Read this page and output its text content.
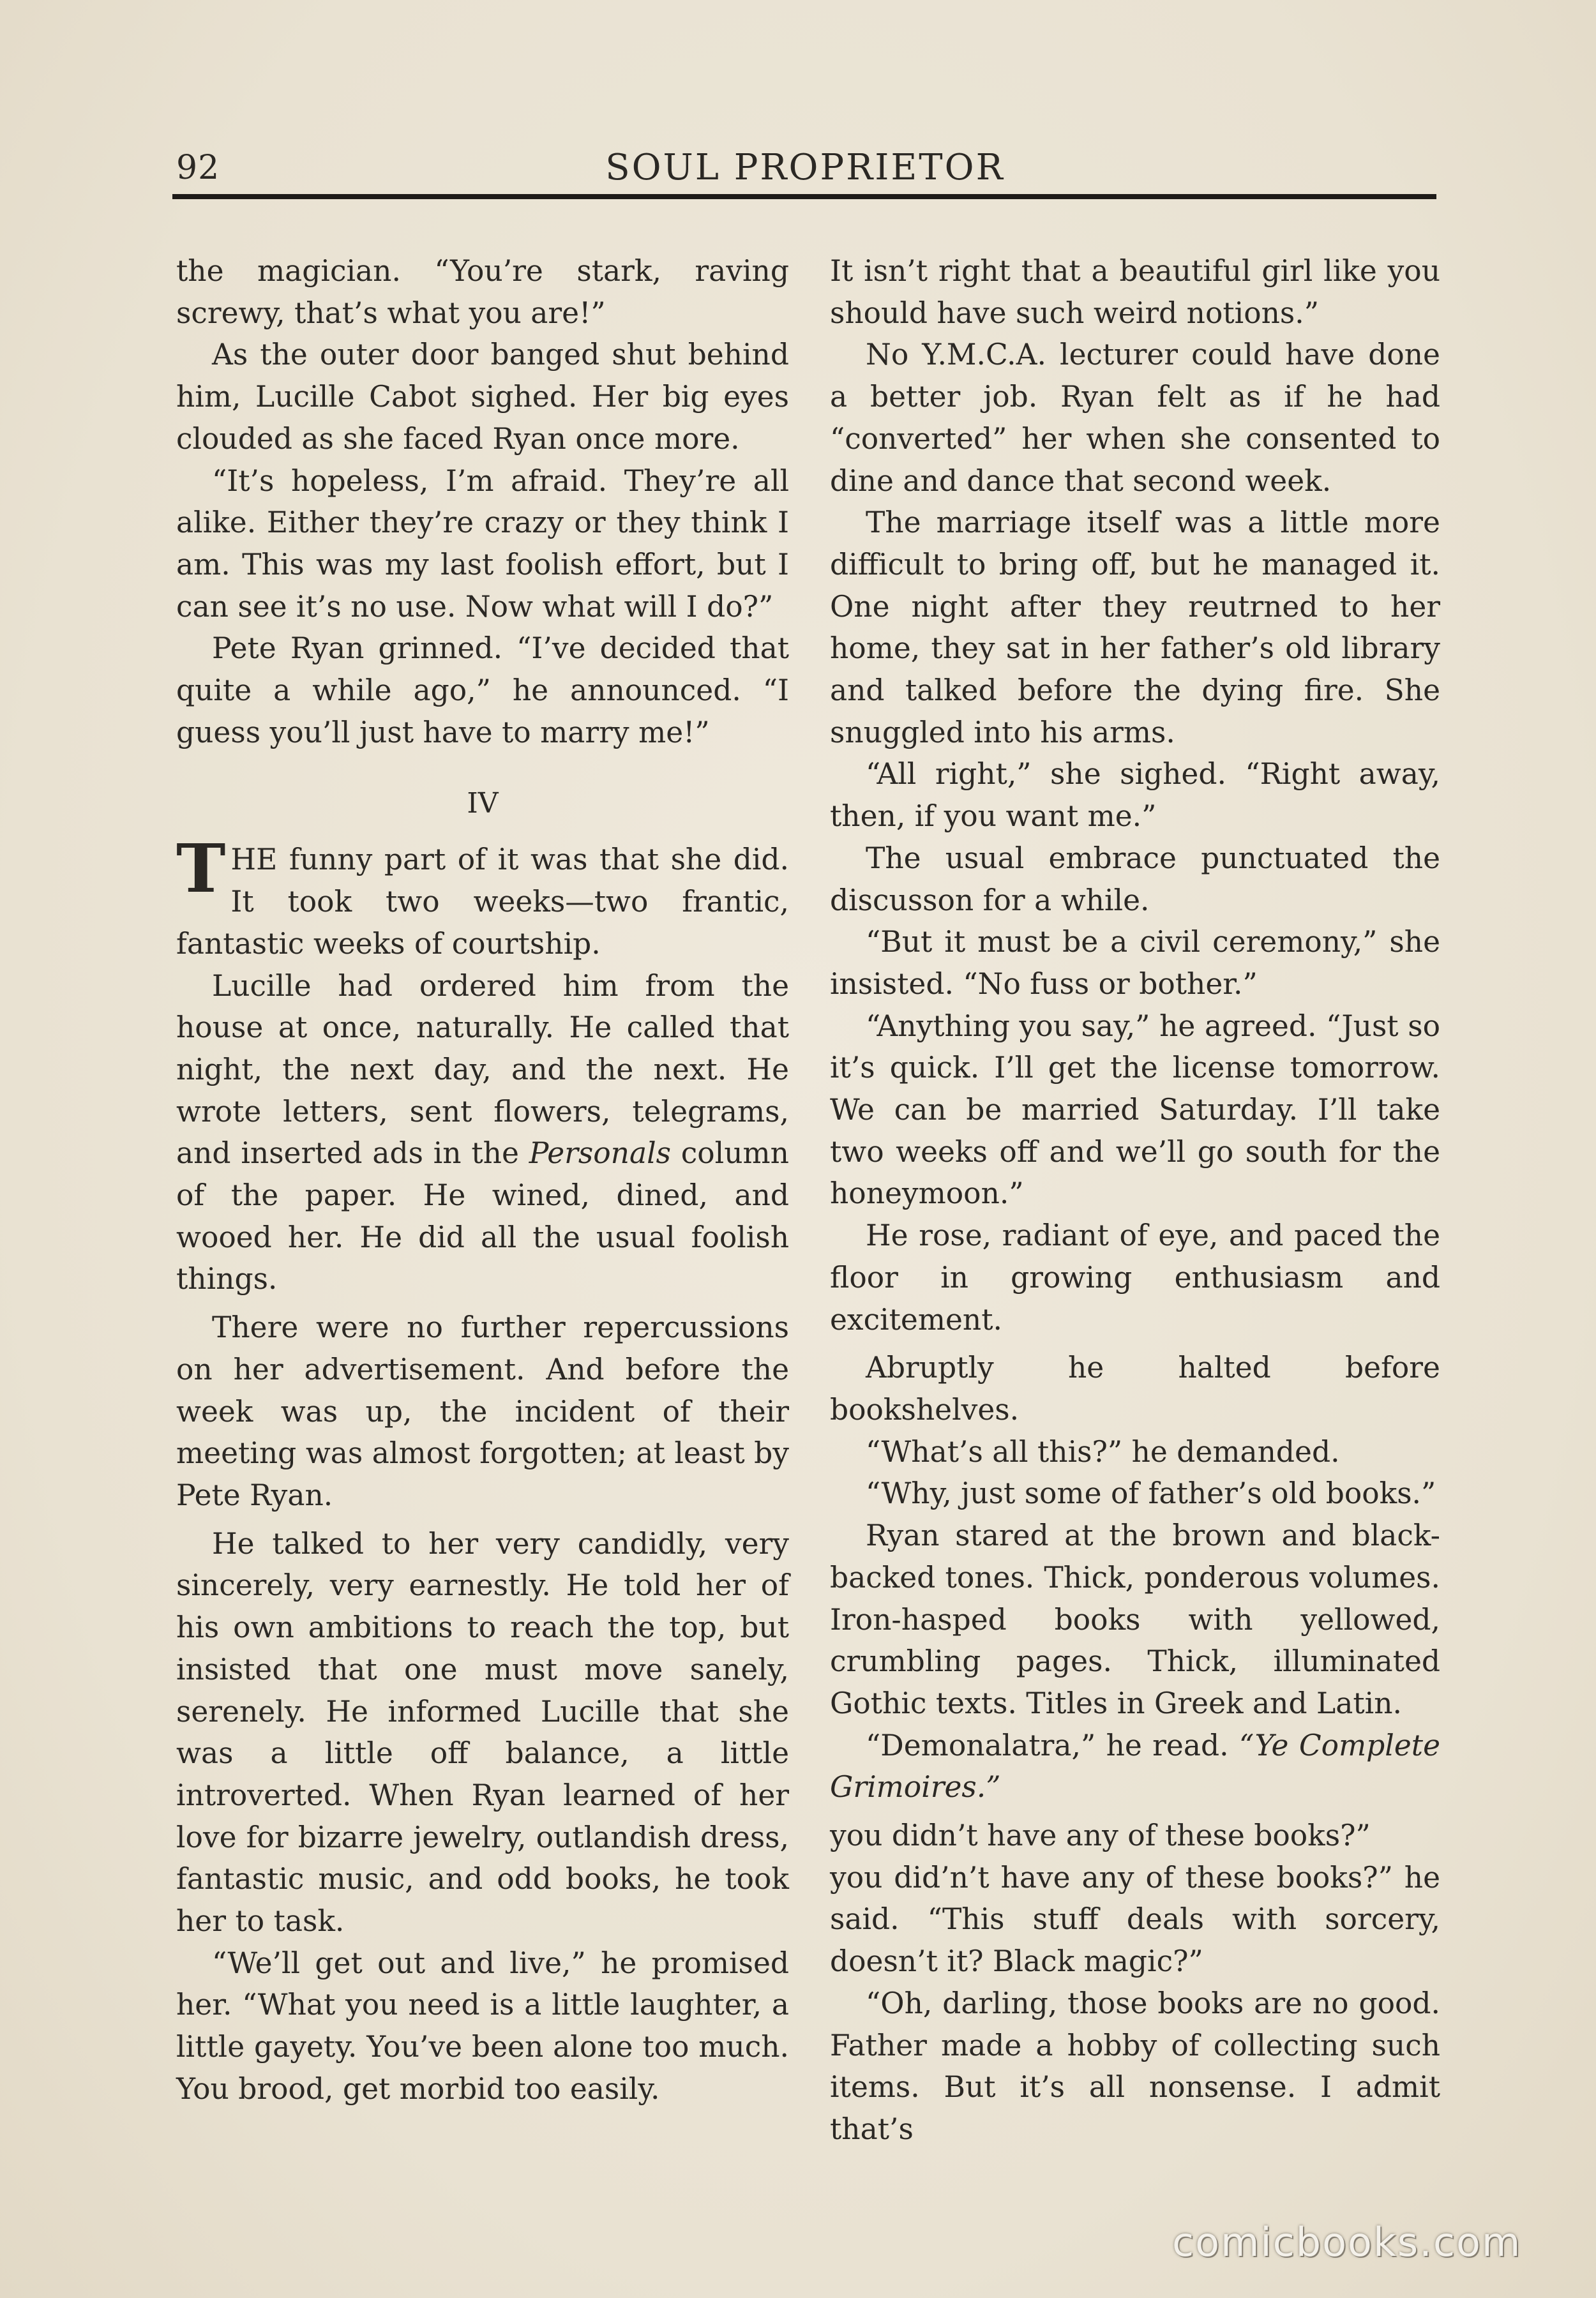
92	SOUL PROPRIETOR

the magician. “You’re stark, raving screwy, that’s what you are!”

As the outer door banged shut behind him, Lucille Cabot sighed. Her big eyes clouded as she faced Ryan once more.

“It’s hopeless, I’m afraid. They’re all alike. Either they’re crazy or they think I am. This was my last foolish effort, but I can see it’s no use. Now what will I do?”

Pete Ryan grinned. “I’ve decided that quite a while ago,” he announced. “I guess you’ll just have to marry me!”

IV

THE funny part of it was that she did. It took two weeks—two frantic, fantastic weeks of courtship.

Lucille had ordered him from the house at once, naturally. He called that night, the next day, and the next. He wrote letters, sent flowers, telegrams, and inserted ads in the Personals column of the paper. He wined, dined, and wooed her. He did all the usual foolish things.

There were no further repercussions on her advertisement. And before the week was up, the incident of their meeting was almost forgotten; at least by Pete Ryan.

He talked to her very candidly, very sincerely, very earnestly. He told her of his own ambitions to reach the top, but insisted that one must move sanely, serenely. He informed Lucille that she was a little off balance, a little introverted. When Ryan learned of her love for bizarre jewelry, outlandish dress, fantastic music, and odd books, he took her to task.

“We’ll get out and live,” he promised her. “What you need is a little laughter, a little gayety. You’ve been alone too much. You brood, get morbid too easily.

It isn’t right that a beautiful girl like you should have such weird notions.”

No Y.M.C.A. lecturer could have done a better job. Ryan felt as if he had “converted” her when she consented to dine and dance that second week.

The marriage itself was a little more difficult to bring off, but he managed it. One night after they reutrned to her home, they sat in her father’s old library and talked before the dying fire. She snuggled into his arms.

“All right,” she sighed. “Right away, then, if you want me.”

The usual embrace punctuated the discusson for a while.

“But it must be a civil ceremony,” she insisted. “No fuss or bother.”

“Anything you say,” he agreed. “Just so it’s quick. I’ll get the license tomorrow. We can be married Saturday. I’ll take two weeks off and we’ll go south for the honeymoon.”

He rose, radiant of eye, and paced the floor in growing enthusiasm and excitement.

Abruptly he halted before bookshelves.

“What’s all this?” he demanded.

“Why, just some of father’s old books.”

Ryan stared at the brown and black-backed tones. Thick, ponderous volumes. Iron-hasped books with yellowed, crumbling pages. Thick, illuminated Gothic texts. Titles in Greek and Latin.

“Demonalatra,” he read. “Ye Complete Grimoires.”

you didn’t have any of these books?”

you did’n’t have any of these books?” he said. “This stuff deals with sorcery, doesn’t it? Black magic?”

“Oh, darling, those books are no good. Father made a hobby of collecting such items. But it’s all nonsense. I admit that’s

comicbooks.com
